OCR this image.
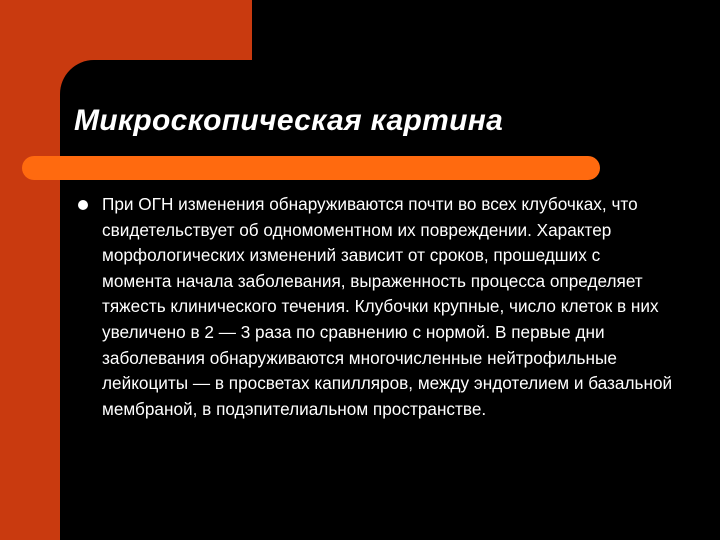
Микроскопическая картина
При ОГН изменения обнаруживаются почти во всех клубочках, что свидетельствует об одномоментном их повреждении. Характер морфологических изменений зависит от сроков, прошедших с момента начала заболевания, выраженность процесса определяет тяжесть клинического течения. Клубочки крупные, число клеток в них увеличено в 2 — 3 раза по сравнению с нормой. В первые дни заболевания обнаруживаются многочисленные нейтрофильные лейкоциты — в просветах капилляров, между эндотелием и базальной мембраной, в подэпителиальном пространстве.
